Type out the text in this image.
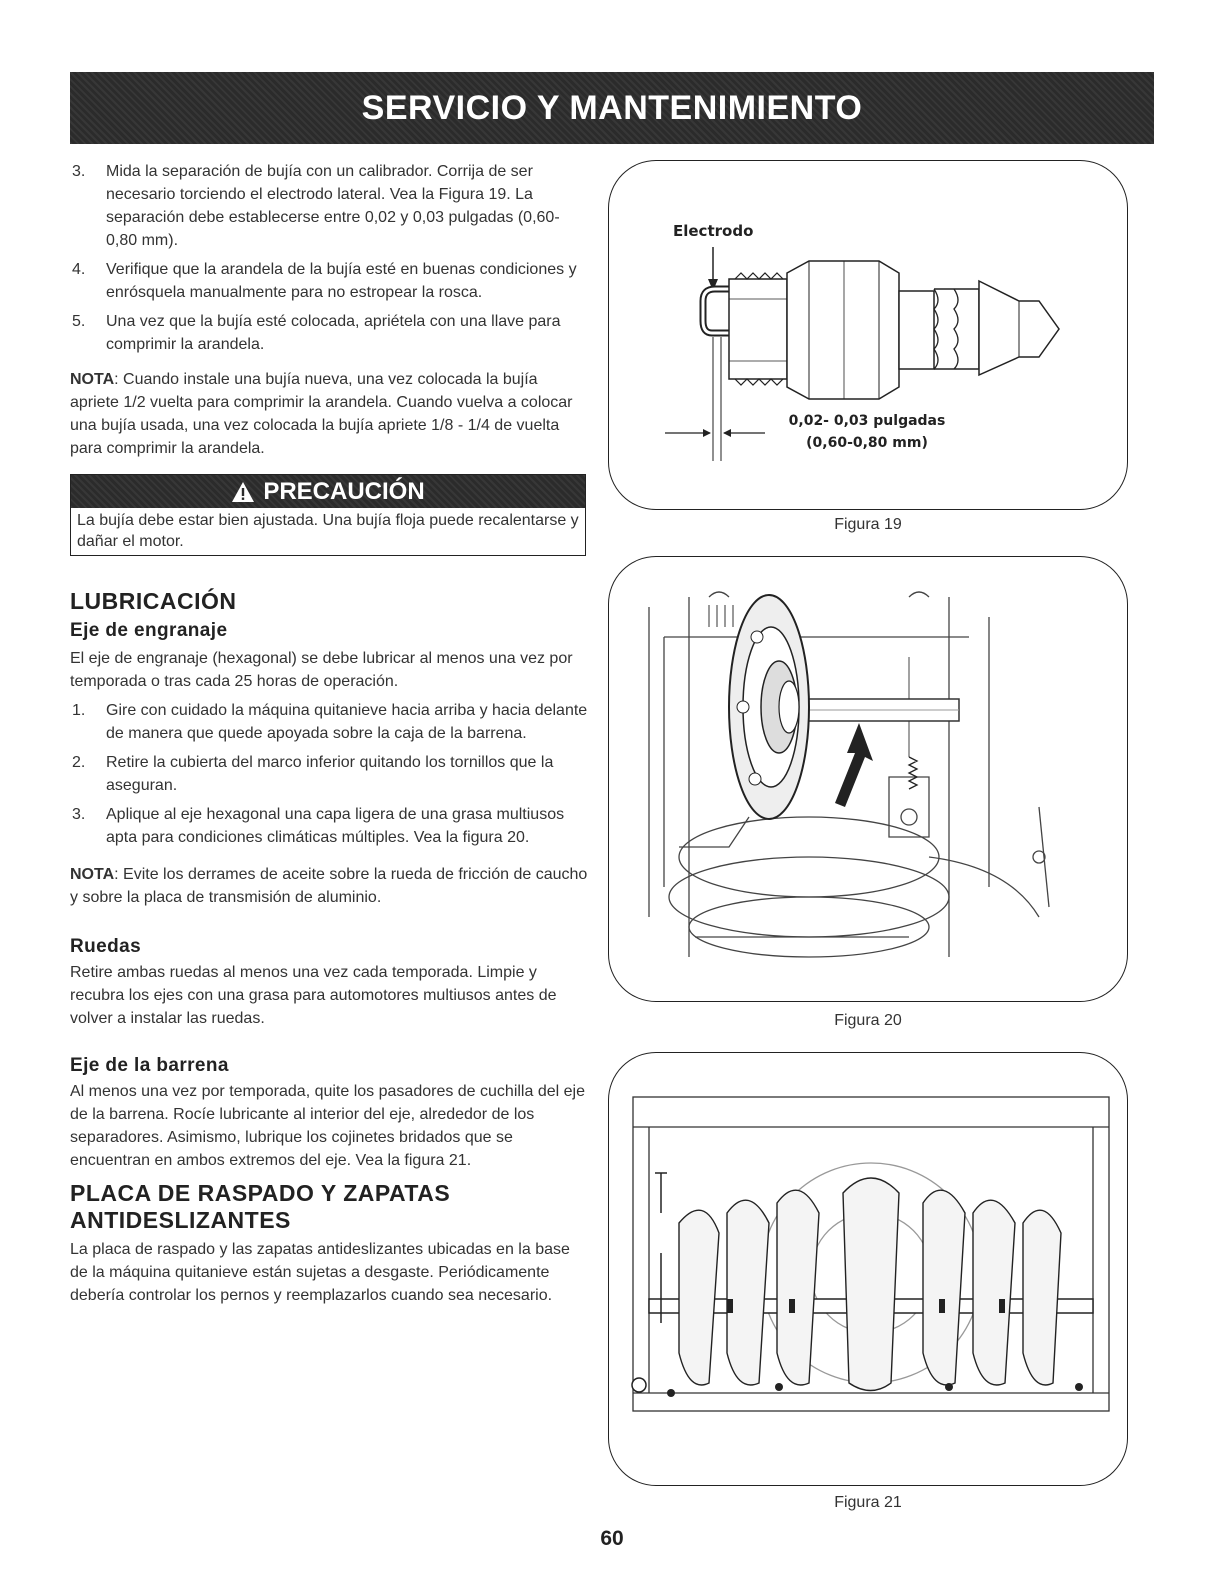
SERVICIO Y MANTENIMIENTO
3.	Mida la separación de bujía con un calibrador. Corrija de ser necesario torciendo el electrodo lateral. Vea la Figura 19. La separación debe establecerse entre 0,02 y 0,03 pulgadas (0,60-0,80 mm).
4.	Verifique que la arandela de la bujía esté en buenas condiciones y enrósquela manualmente para no estropear la rosca.
5.	Una vez que la bujía esté colocada, apriétela con una llave para comprimir la arandela.

NOTA: Cuando instale una bujía nueva, una vez colocada la bujía apriete 1/2 vuelta para comprimir la arandela. Cuando vuelva a colocar una bujía usada, una vez colocada la bujía apriete 1/8 - 1/4 de vuelta para comprimir la arandela.

PRECAUCIÓN
La bujía debe estar bien ajustada. Una bujía floja puede recalentarse y dañar el motor.
LUBRICACIÓN
Eje de engranaje

El eje de engranaje (hexagonal) se debe lubricar al menos una vez por temporada o tras cada 25 horas de operación.

1.	Gire con cuidado la máquina quitanieve hacia arriba y hacia delante de manera que quede apoyada sobre la caja de la barrena.
2.	Retire la cubierta del marco inferior quitando los tornillos que la aseguran.
3.	Aplique al eje hexagonal una capa ligera de una grasa multiusos apta para condiciones climáticas múltiples. Vea la figura 20.

NOTA: Evite los derrames de aceite sobre la rueda de fricción de caucho y sobre la placa de transmisión de aluminio.

Ruedas

Retire ambas ruedas al menos una vez cada temporada. Limpie y recubra los ejes con una grasa para automotores multiusos antes de volver a instalar las ruedas.

Eje de la barrena

Al menos una vez por temporada, quite los pasadores de cuchilla del eje de la barrena. Rocíe lubricante al interior del eje, alrededor de los separadores. Asimismo, lubrique los cojinetes bridados que se encuentran en ambos extremos del eje. Vea la figura 21.

PLACA DE RASPADO Y ZAPATAS
ANTIDESLIZANTES

La placa de raspado y las zapatas antideslizantes ubicadas en la base de la máquina quitanieve están sujetas a desgaste. Periódicamente debería controlar los pernos y reemplazarlos cuando sea necesario.

Electrodo
0,02- 0,03 pulgadas
(0,60-0,80 mm)
Figura 19
Figura 20
Figura 21
60
